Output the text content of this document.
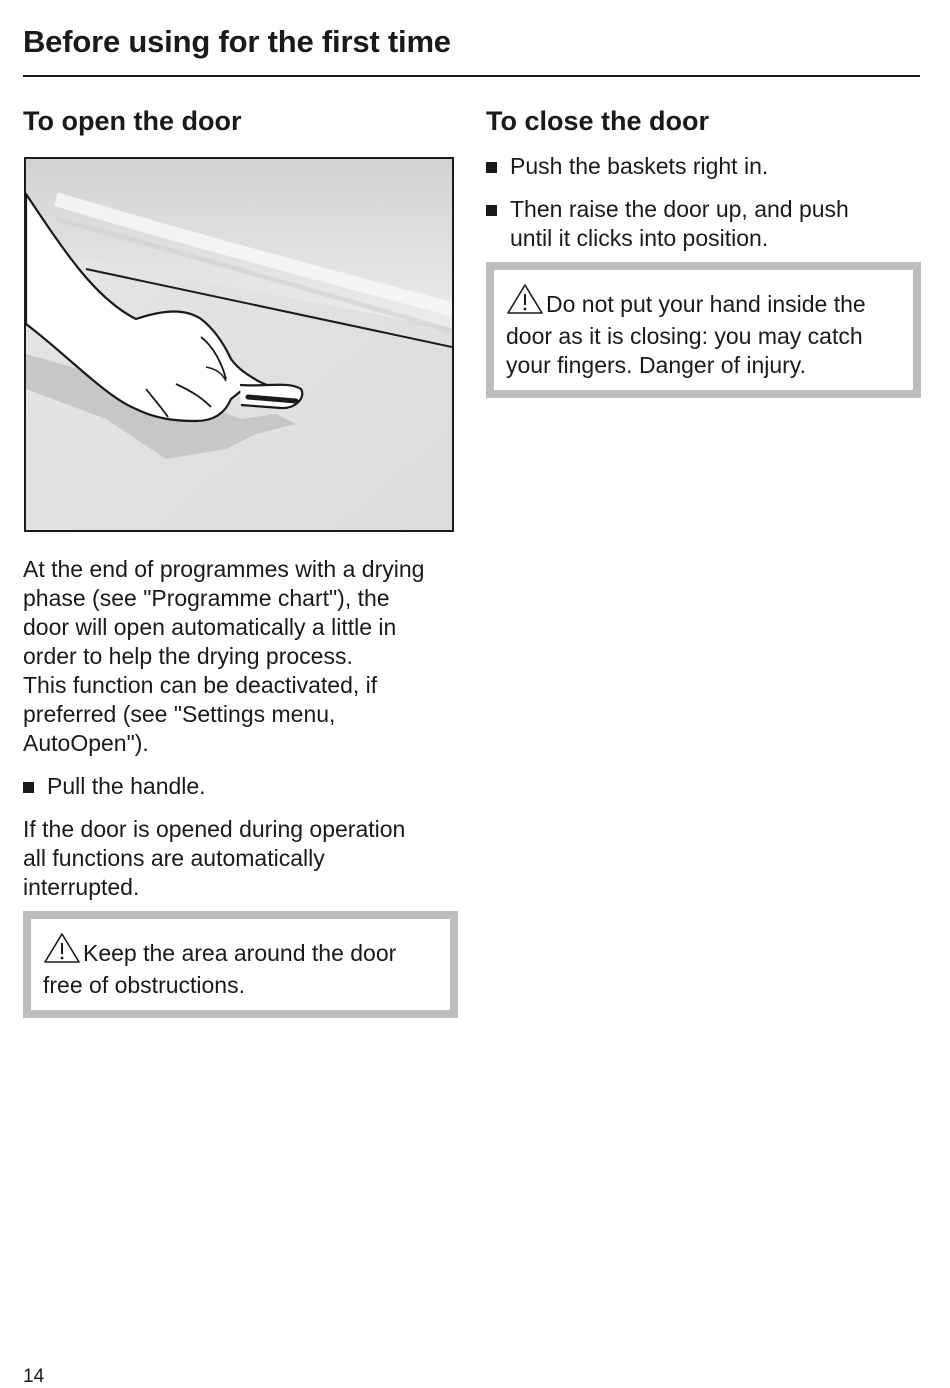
Before using for the first time
To open the door

At the end of programmes with a drying
phase (see "Programme chart"), the
door will open automatically a little in
order to help the drying process.
This function can be deactivated, if
preferred (see "Settings menu,
AutoOpen").

Pull the handle.

If the door is opened during operation
all functions are automatically
interrupted.

Keep the area around the door
free of obstructions.
To close the door
Push the baskets right in.
Then raise the door up, and push
until it clicks into position.
Do not put your hand inside the
door as it is closing: you may catch
your fingers. Danger of injury.
14
